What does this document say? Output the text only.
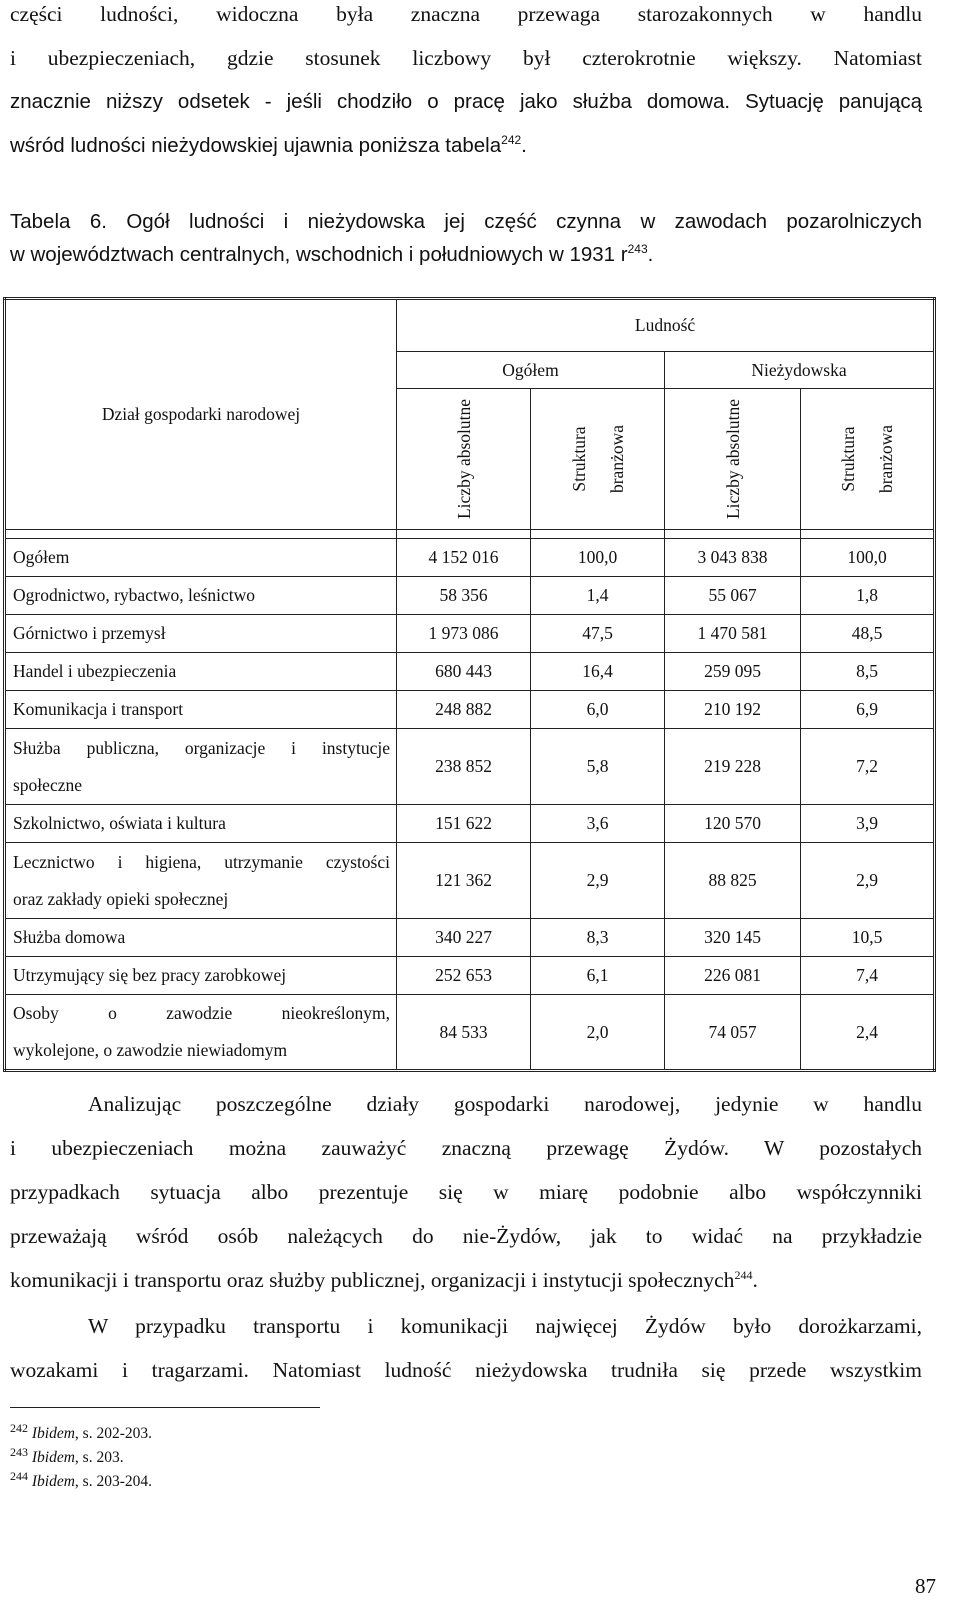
części ludności, widoczna była znaczna przewaga starozakonnych w handlu
i ubezpieczeniach, gdzie stosunek liczbowy był czterokrotnie większy. Natomiast
znacznie niższy odsetek - jeśli chodziło o pracę jako służba domowa. Sytuację panującą
wśród ludności nieżydowskiej ujawnia poniższa tabela$^{242}$.

Tabela 6. Ogół ludności i nieżydowska jej część czynna w zawodach pozarolniczych
w województwach centralnych, wschodnich i południowych w 1931 $r^{243}$.
Dział gospodarki narodowej	Ludność			
	Ogółem		Nieżydowska	

	Liczby absolutne	Struktura branżowa	Liczby absolutne	Struktura branżowa

Ogółem	4 152 016	100,0	3 043 838	100,0
Ogrodnictwo, rybactwo, leśnictwo	58 356	1,4	55 067	1,8
Górnictwo i przemysł	1 973 086	47,5	1 470 581	48,5
Handel i ubezpieczenia	680 443	16,4	259 095	8,5
Komunikacja i transport	248 882	6,0	210 192	6,9

Służba publiczna, organizacje i instytucje
społeczne	238 852	5,8	219 228	7,2
Szkolnictwo, oświata i kultura	151 622	3,6	120 570	3,9

Lecznictwo i higiena, utrzymanie czystości
oraz zakłady opieki społecznej	121 362	2,9	88 825	2,9
Służba domowa	340 227	8,3	320 145	10,5
Utrzymujący się bez pracy zarobkowej	252 653	6,1	226 081	7,4

Osoby o zawodzie nieokreślonym,
wykolejone, o zawodzie niewiadomym	84 533	2,0	74 057	2,4

Analizując poszczególne działy gospodarki narodowej, jedynie w handlu
i ubezpieczeniach można zauważyć znaczną przewagę Żydów. W pozostałych
przypadkach sytuacja albo prezentuje się w miarę podobnie albo współczynniki
przeważają wśród osób należących do nie-Żydów, jak to widać na przykładzie
komunikacji i transportu oraz służby publicznej, organizacji i instytucji społecznych$^{244}$.

W przypadku transportu i komunikacji najwięcej Żydów było dorożkarzami,
wozakami i tragarzami. Natomiast ludność nieżydowska trudniła się przede wszystkim

$^{242}$ Ibidem, s. 202-203.
$^{243}$ Ibidem, s. 203.
$^{244}$ Ibidem, s. 203-204.
87
